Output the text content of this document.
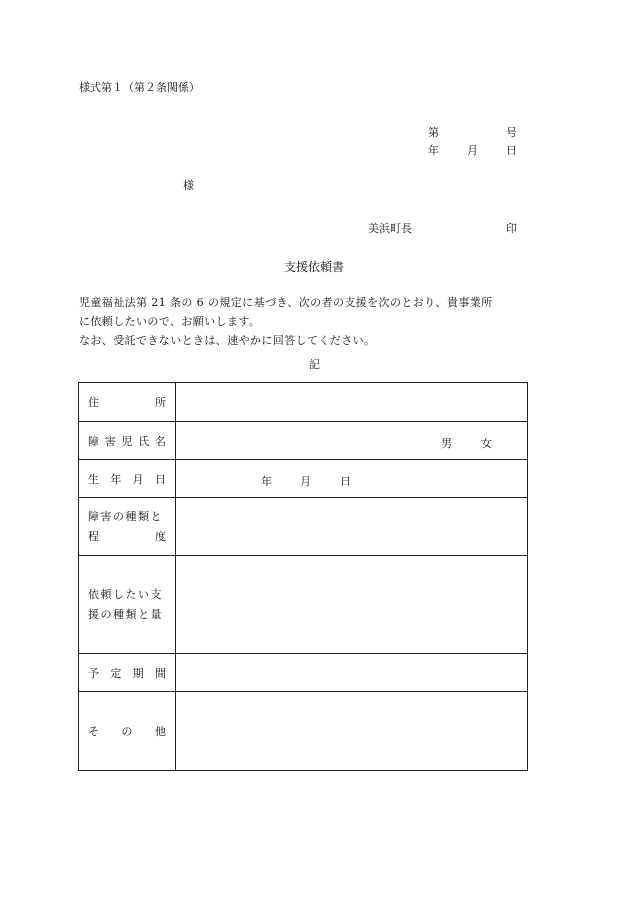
様式第１（第２条関係）
第	号
年	月	日
様
美浜町長	印
支援依頼書
児童福祉法第 21 条の 6 の規定に基づき、次の者の支援を次のとおり、貴事業所
に依頼したいので、お願いします。
なお、受託できないときは、速やかに回答してください。
記
住 所	

障 害 児 氏 名	男 女

生 年 月 日	年 月 日

障害の種類と
程 度	

依頼したい支
援の種類と量	

予 定 期 間	

そ の 他	
